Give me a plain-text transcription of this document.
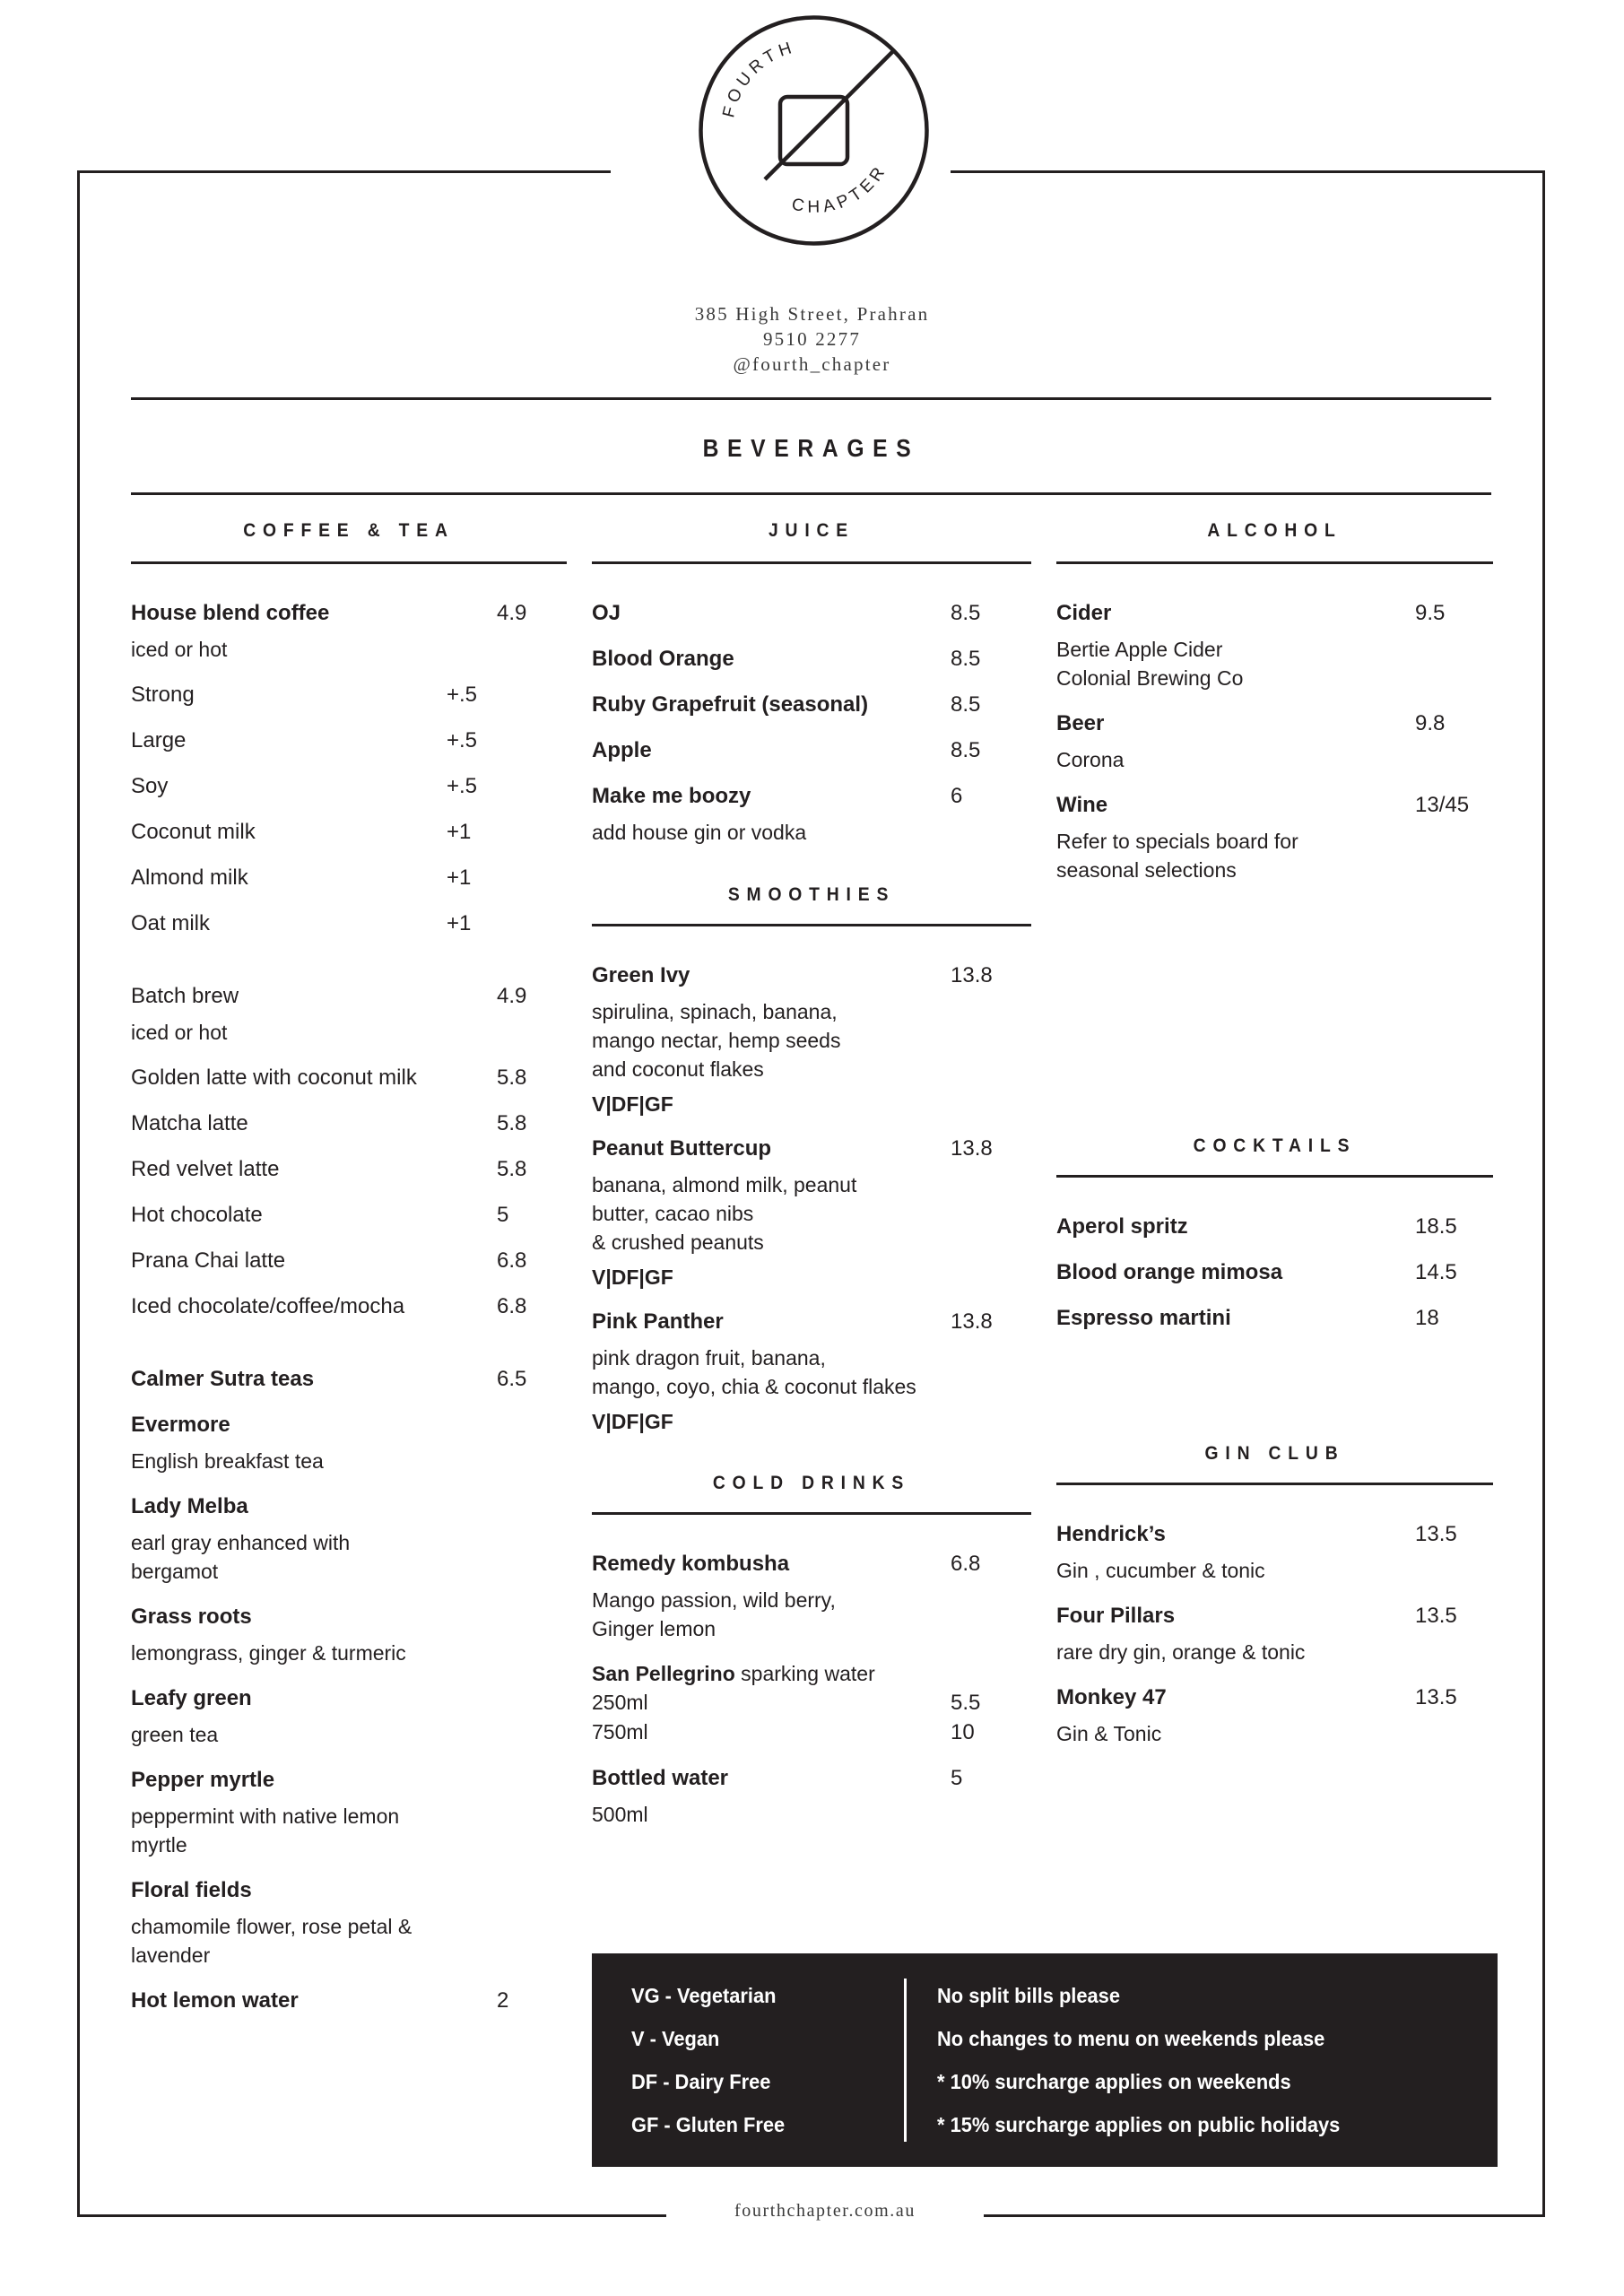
FOURTH
CHAPTER
385 High Street, Prahran
9510 2277
@fourth_chapter
BEVERAGES
COFFEE & TEA
House blend coffee	4.9
iced or hot
Strong	+.5
Large	+.5
Soy	+.5
Coconut milk	+1
Almond milk	+1
Oat milk	+1
Batch brew	4.9
iced or hot
Golden latte with coconut milk	5.8
Matcha latte	5.8
Red velvet latte	5.8
Hot chocolate	5
Prana Chai latte	6.8
Iced chocolate/coffee/mocha	6.8
Calmer Sutra teas	6.5
Evermore
English breakfast tea
Lady Melba
earl gray enhanced with
bergamot
Grass roots
lemongrass, ginger & turmeric
Leafy green
green tea
Pepper myrtle
peppermint with native lemon
myrtle
Floral fields
chamomile flower, rose petal &
lavender
Hot lemon water	2
JUICE
OJ	8.5
Blood Orange	8.5
Ruby Grapefruit (seasonal)	8.5
Apple	8.5
Make me boozy	6
add house gin or vodka
SMOOTHIES
Green Ivy	13.8
spirulina, spinach, banana,
mango nectar, hemp seeds
and coconut flakes
V|DF|GF
Peanut Buttercup	13.8
banana, almond milk, peanut
butter, cacao nibs
& crushed peanuts
V|DF|GF
Pink Panther	13.8
pink dragon fruit, banana,
mango, coyo, chia & coconut flakes
V|DF|GF
COLD DRINKS
Remedy kombusha	6.8
Mango passion, wild berry,
Ginger lemon
San Pellegrino sparking water
250ml	5.5
750ml	10
Bottled water	5
500ml
ALCOHOL
Cider	9.5
Bertie Apple Cider
Colonial Brewing Co
Beer	9.8
Corona
Wine	13/45
Refer to specials board for
seasonal selections
COCKTAILS
Aperol spritz	18.5
Blood orange mimosa	14.5
Espresso martini	18
GIN CLUB
Hendrick’s	13.5
Gin , cucumber & tonic
Four Pillars	13.5
rare dry gin, orange & tonic
Monkey 47	13.5
Gin & Tonic
VG - Vegetarian
V - Vegan
DF - Dairy Free
GF - Gluten Free
No split bills please
No changes to menu on weekends please
* 10% surcharge applies on weekends
* 15% surcharge applies on public holidays
fourthchapter.com.au
